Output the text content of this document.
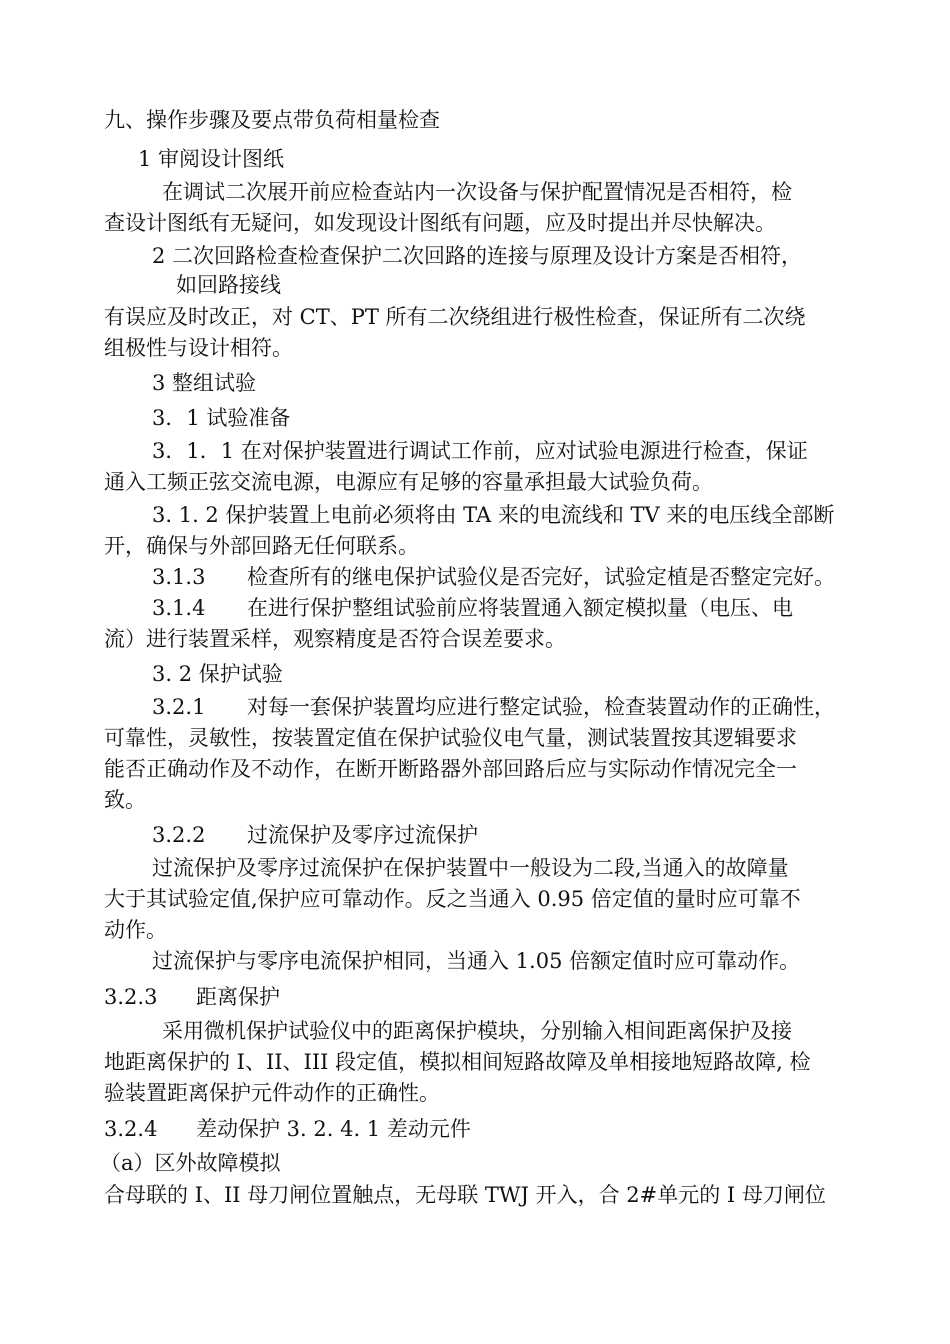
九、操作步骤及要点带负荷相量检查

1 审阅设计图纸

在调试二次展开前应检查站内一次设备与保护配置情况是否相符，检

查设计图纸有无疑问，如发现设计图纸有问题，应及时提出并尽快解决。

2 二次回路检查检查保护二次回路的连接与原理及设计方案是否相符，

如回路接线

有误应及时改正，对 CT、PT 所有二次绕组进行极性检查，保证所有二次绕

组极性与设计相符。

3 整组试验

3．1 试验准备

3．1．1 在对保护装置进行调试工作前，应对试验电源进行检查，保证

通入工频正弦交流电源，电源应有足够的容量承担最大试验负荷。

3. 1. 2 保护装置上电前必须将由 TA 来的电流线和 TV 来的电压线全部断

开，确保与外部回路无任何联系。

3.1.3 检查所有的继电保护试验仪是否完好，试验定植是否整定完好。

3.1.4 在进行保护整组试验前应将装置通入额定模拟量（电压、电

流）进行装置采样，观察精度是否符合误差要求。

3. 2 保护试验

3.2.1 对每一套保护装置均应进行整定试验，检查装置动作的正确性，

可靠性，灵敏性，按装置定值在保护试验仪电气量，测试装置按其逻辑要求

能否正确动作及不动作，在断开断路器外部回路后应与实际动作情况完全一

致。

3.2.2 过流保护及零序过流保护

过流保护及零序过流保护在保护装置中一般设为二段,当通入的故障量

大于其试验定值,保护应可靠动作。反之当通入 0.95 倍定值的量时应可靠不

动作。

过流保护与零序电流保护相同，当通入 1.05 倍额定值时应可靠动作。

3.2.3 距离保护

采用微机保护试验仪中的距离保护模块，分别输入相间距离保护及接

地距离保护的 I、II、III 段定值，模拟相间短路故障及单相接地短路故障, 检

验装置距离保护元件动作的正确性。

3.2.4 差动保护 3. 2. 4. 1 差动元件

（a）区外故障模拟

合母联的 I、II 母刀闸位置触点，无母联 TWJ 开入，合 2#单元的 I 母刀闸位
